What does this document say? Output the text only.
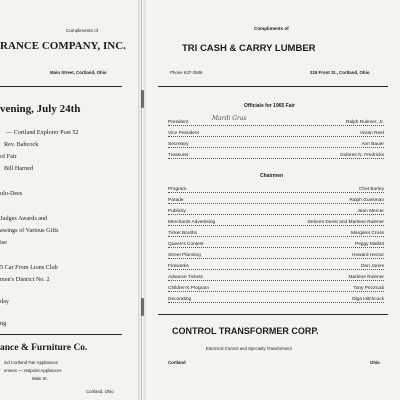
Compliments of
RANCE COMPANY, INC.
Main Street, Cortland, Ohio
vening, July 24th
— Cortland Explorer Post 52
Rev. Babcock
of Fair
Bill Harned
ulo-Dees
Judges Awards and
awings of Various Gifts
ise
5 Car From Lions Club
men's District No. 2
day
ng
ance & Furniture Co.
ind Cortland Fair Appliances
ersees — Hotpoint Appliances
Main St.
Cortland, Ohio
Compliments of
TRI CASH & CARRY LUMBER
Phone 637-2506	215 Front St., Cortland, Ohio
Officials for 1965 Fair
Mardi Gras
President	Ralph Rulener, Jr.
Vice President	Vivian Reel
Secretary	Ann Bauer
Treasurer	Dolores N. Fredricks
Chairmen
Program	Chet Burley
Parade	Ralph Guesman
Publicity	Jean Mercer
Merchants Advertising	Delores Dunst and Marlene Rulener
Ticket Booths	Margaret Cross
Queen's Contest	Peggy Mallott
Street Planning	Howard Hector
Fireworks	Don Jones
Advance Tickets	Marlene Rulener
Children's Program	Tony Pezzicati
Decorating	Olga Hitchcock
CONTROL TRANSFORMER CORP.
Electrical Control and Specialty Transformers
Cortland	Ohio
